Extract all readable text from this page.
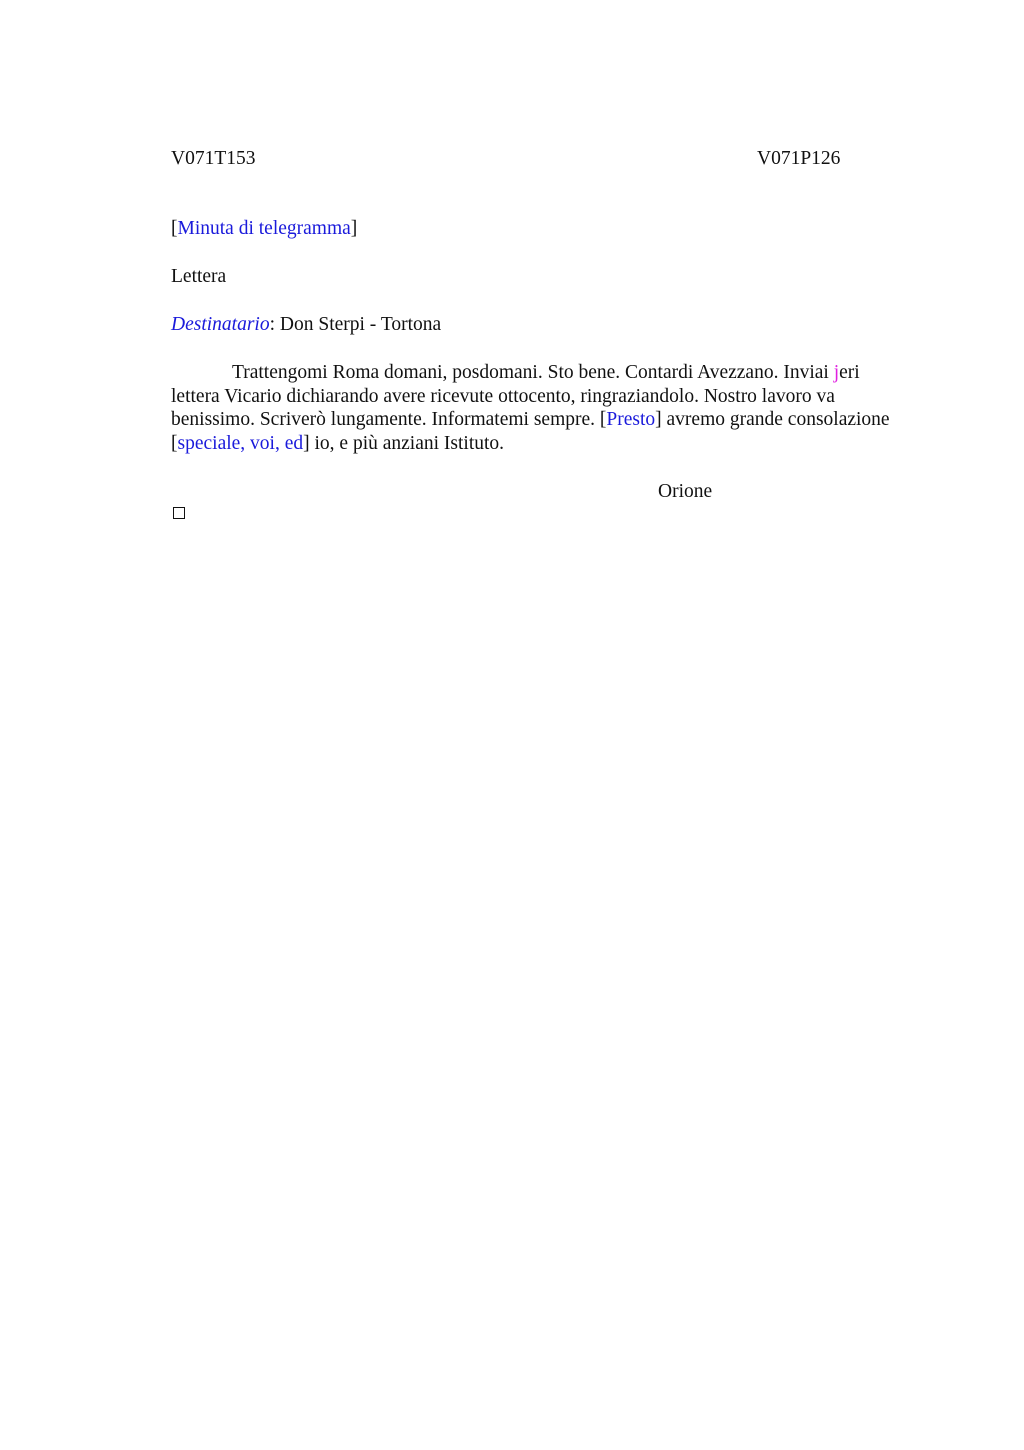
V071T153	V071P126
[Minuta di telegramma]
Lettera
Destinatario: Don Sterpi - Tortona
Trattengomi Roma domani, posdomani. Sto bene. Contardi Avezzano. Inviai jeri lettera Vicario dichiarando avere ricevute ottocento, ringraziandolo. Nostro lavoro va benissimo. Scriverò lungamente. Informatemi sempre. [Presto] avremo grande consolazione [speciale, voi, ed] io, e più anziani Istituto.
Orione
